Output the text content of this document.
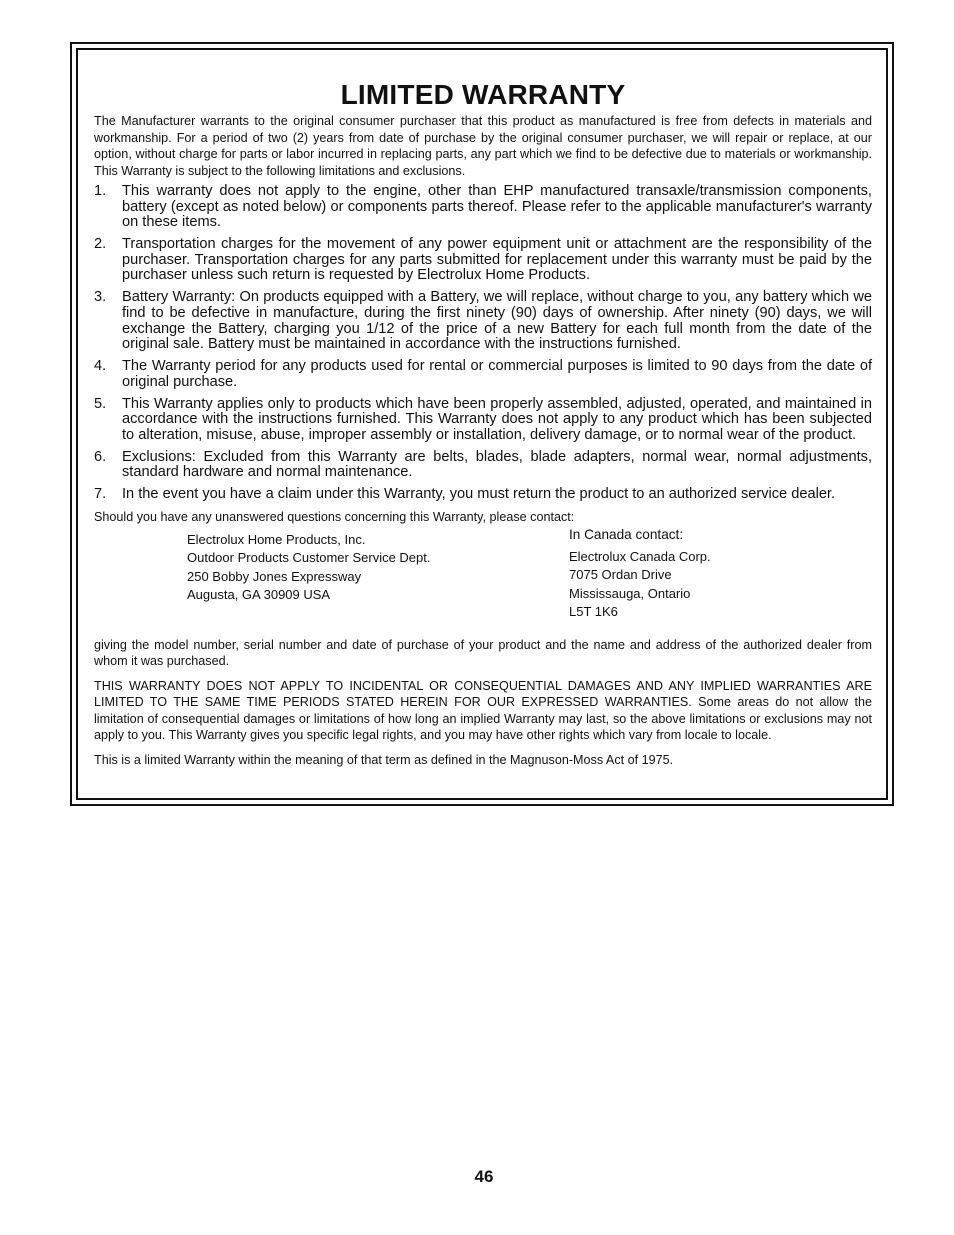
LIMITED WARRANTY

The Manufacturer warrants to the original consumer purchaser that this product as manufactured is free from defects in materials and workmanship. For a period of two (2) years from date of purchase by the original consumer purchaser, we will repair or replace, at our option, without charge for parts or labor incurred in replacing parts, any part which we find to be defective due to materials or workmanship. This Warranty is subject to the following limitations and exclusions.

1.	This warranty does not apply to the engine, other than EHP manufactured transaxle/transmission components, battery (except as noted below) or components parts thereof. Please refer to the applicable manufacturer's warranty on these items.
2.	Transportation charges for the movement of any power equipment unit or attachment are the responsibility of the purchaser. Transportation charges for any parts submitted for replacement under this warranty must be paid by the purchaser unless such return is requested by Electrolux Home Products.
3.	Battery Warranty: On products equipped with a Battery, we will replace, without charge to you, any battery which we find to be defective in manufacture, during the first ninety (90) days of ownership. After ninety (90) days, we will exchange the Battery, charging you 1/12 of the price of a new Battery for each full month from the date of the original sale. Battery must be maintained in accordance with the instructions furnished.
4.	The Warranty period for any products used for rental or commercial purposes is limited to 90 days from the date of original purchase.
5.	This Warranty applies only to products which have been properly assembled, adjusted, operated, and maintained in accordance with the instructions furnished. This Warranty does not apply to any product which has been subjected to alteration, misuse, abuse, improper assembly or installation, delivery damage, or to normal wear of the product.
6.	Exclusions: Excluded from this Warranty are belts, blades, blade adapters, normal wear, normal adjustments, standard hardware and normal maintenance.
7.	In the event you have a claim under this Warranty, you must return the product to an authorized service dealer.

Should you have any unanswered questions concerning this Warranty, please contact:

Electrolux Home Products, Inc.
Outdoor Products Customer Service Dept.
250 Bobby Jones Expressway
Augusta, GA 30909 USA
In Canada contact:
Electrolux Canada Corp.
7075 Ordan Drive
Mississauga, Ontario
L5T 1K6

giving the model number, serial number and date of purchase of your product and the name and address of the authorized dealer from whom it was purchased.

THIS WARRANTY DOES NOT APPLY TO INCIDENTAL OR CONSEQUENTIAL DAMAGES AND ANY IMPLIED WARRANTIES ARE LIMITED TO THE SAME TIME PERIODS STATED HEREIN FOR OUR EXPRESSED WARRANTIES. Some areas do not allow the limitation of consequential damages or limitations of how long an implied Warranty may last, so the above limitations or exclusions may not apply to you. This Warranty gives you specific legal rights, and you may have other rights which vary from locale to locale.

This is a limited Warranty within the meaning of that term as defined in the Magnuson-Moss Act of 1975.

46
